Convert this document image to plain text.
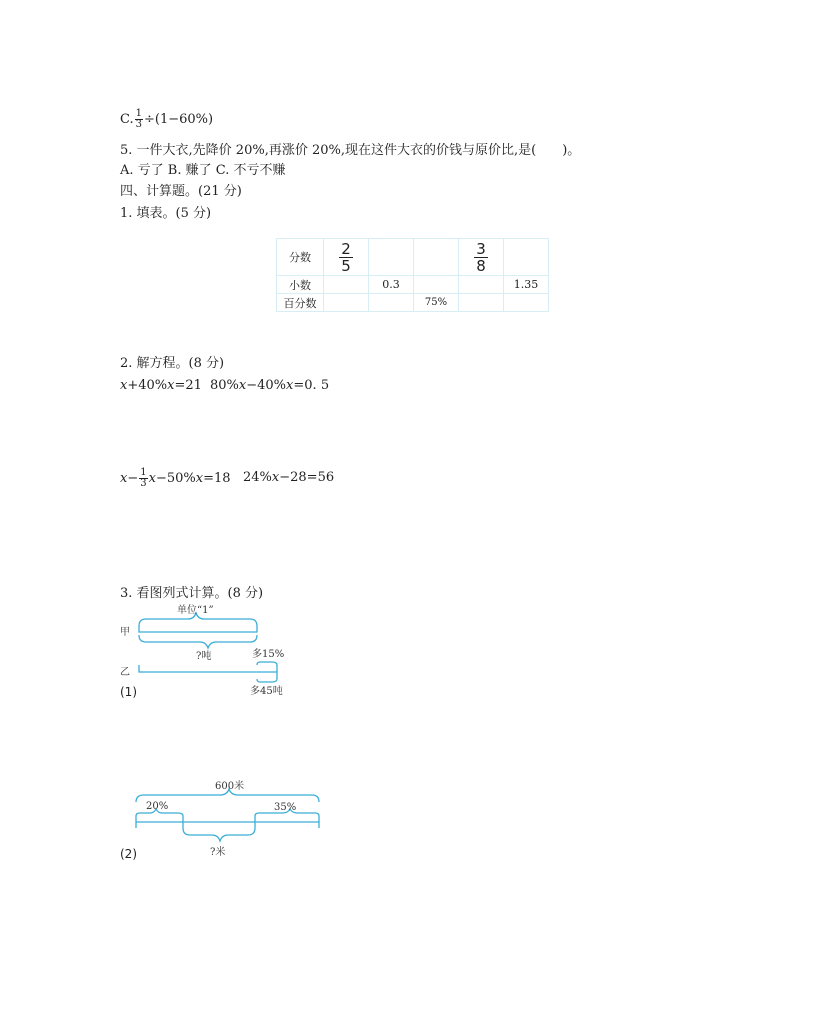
C. $\frac{1}{3} \div(1-60\%)$
5. 一件大衣,先降价 20%,再涨价 20%,现在这件大衣的价钱与原价比,是(　　)。
A. 亏了 B. 赚了 C. 不亏不赚
四、计算题。(21 分)
1. 填表。(5 分)
分数	$\frac{2}{5}$			$\frac{3}{8}$

小数		0.3			1.35
百分数			75%		
2. 解方程。(8 分)
x+40%x=21 80%x−40%x=0. 5
$x- \frac{1}{3} x-50\%x=18$ 24%x−28=56
3. 看图列式计算。(8 分)
单位“1”
甲
乙
?吨	多15%
多45吨
(1)
600米
20%	35%
?米
(2)
